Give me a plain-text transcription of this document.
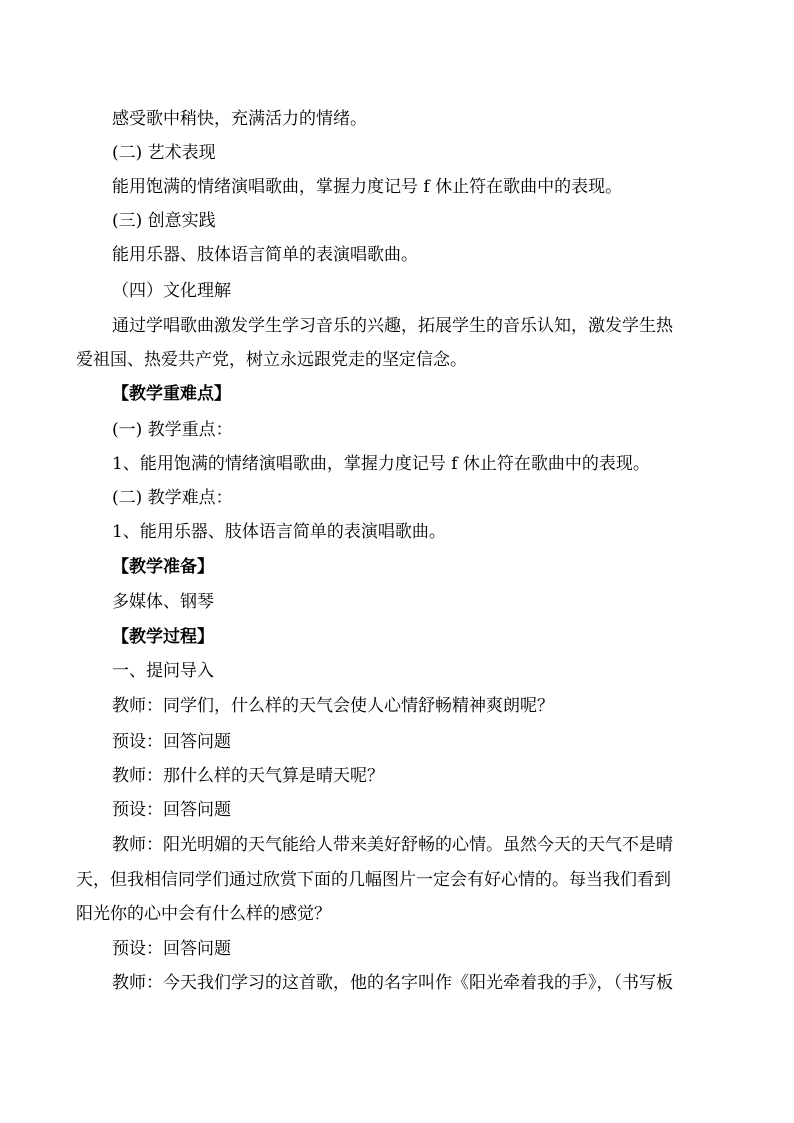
感受歌中稍快，充满活力的情绪。
(二) 艺术表现
能用饱满的情绪演唱歌曲，掌握力度记号 f 休止符在歌曲中的表现。
(三) 创意实践
能用乐器、肢体语言简单的表演唱歌曲。
（四）文化理解
通过学唱歌曲激发学生学习音乐的兴趣，拓展学生的音乐认知，激发学生热
爱祖国、热爱共产党，树立永远跟党走的坚定信念。
【教学重难点】
(一) 教学重点：
1、能用饱满的情绪演唱歌曲，掌握力度记号 f 休止符在歌曲中的表现。
(二) 教学难点：
1、能用乐器、肢体语言简单的表演唱歌曲。
【教学准备】
多媒体、钢琴
【教学过程】
一、提问导入
教师：同学们，什么样的天气会使人心情舒畅精神爽朗呢？
预设：回答问题
教师：那什么样的天气算是晴天呢？
预设：回答问题
教师：阳光明媚的天气能给人带来美好舒畅的心情。虽然今天的天气不是晴
天，但我相信同学们通过欣赏下面的几幅图片一定会有好心情的。每当我们看到
阳光你的心中会有什么样的感觉？
预设：回答问题
教师：今天我们学习的这首歌，他的名字叫作《阳光牵着我的手》，（书写板
